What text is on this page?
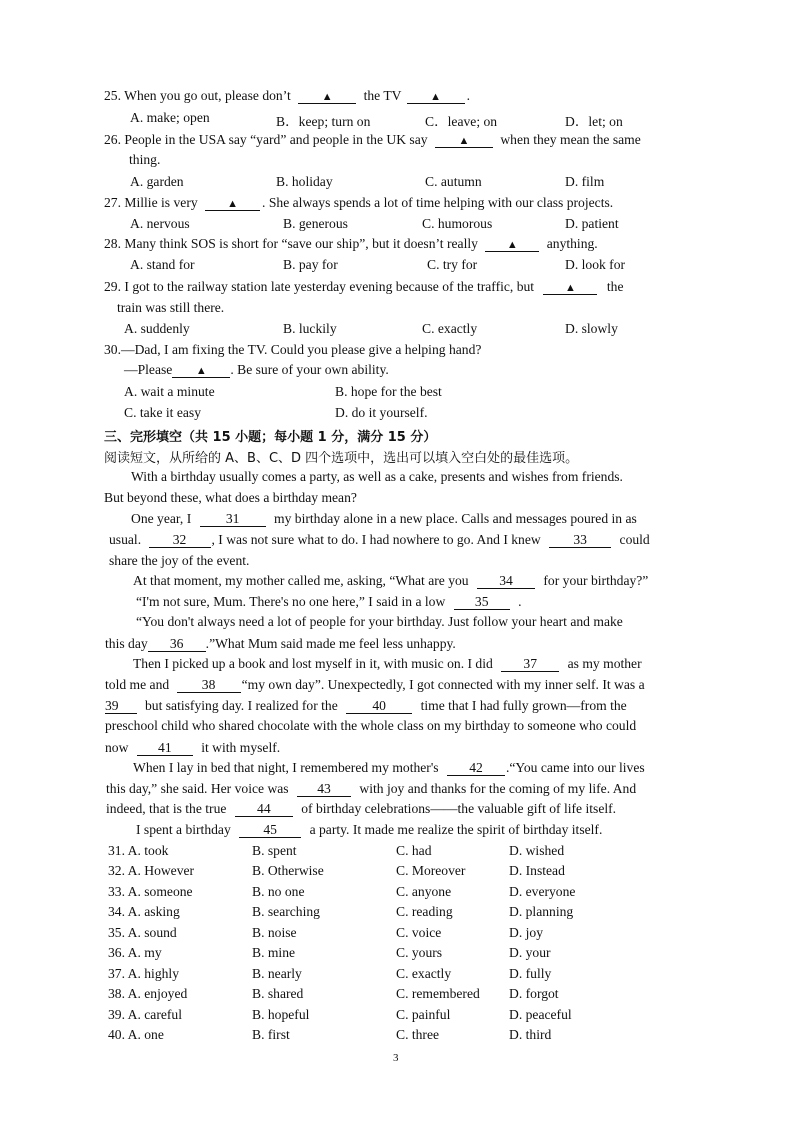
25. When you go out, please don’t	▲ the TV	▲ .
A. make; open	B．keep; turn on	C．leave; on	D．let; on
26. People in the USA say “yard” and people in the UK say	▲ when they mean the same
thing.
A. garden	B. holiday	C. autumn	D. film
27. Millie is very	▲ . She always spends a lot of time helping with our class projects.
A. nervous	B. generous	C. humorous	D. patient
28. Many think SOS is short for “save our ship”, but it doesn’t really	▲ anything.
A. stand for	B. pay for	C. try for	D. look for
29. I got to the railway station late yesterday evening because of the traffic, but	▲ the
train was still there.
A. suddenly	B. luckily	C. exactly	D. slowly
30.—Dad, I am fixing the TV. Could you please give a helping hand?
—Please ▲ . Be sure of your own ability.
A. wait a minute	B. hope for the best
C. take it easy	D. do it yourself.
三、完形填空（共 15 小题；每小题 1 分，满分 15 分）
阅读短文，从所给的 A、B、C、D 四个选项中，选出可以填入空白处的最佳选项。
With a birthday usually comes a party, as well as a cake, presents and wishes from friends.
But beyond these, what does a birthday mean?
One year, I	31	my birthday alone in a new place. Calls and messages poured in as
usual. 32 , I was not sure what to do. I had nowhere to go. And I knew 33 could
share the joy of the event.
At that moment, my mother called me, asking, “What are you 34 for your birthday?”
“I'm not sure, Mum. There's no one here,” I said in a low 35 .
“You don't always need a lot of people for your birthday. Just follow your heart and make
this day 36 .”What Mum said made me feel less unhappy.
Then I picked up a book and lost myself in it, with music on. I did 37 as my mother
told me and 38 “my own day”. Unexpectedly, I got connected with my inner self. It was a
39 but satisfying day. I realized for the	40	time that I had fully grown—from the
preschool child who shared chocolate with the whole class on my birthday to someone who could
now 41 it with myself.
When I lay in bed that night, I remembered my mother's 42 .“You came into our lives
this day,” she said. Her voice was 43 with joy and thanks for the coming of my life. And
indeed, that is the true 44 of birthday celebrations——the valuable gift of life itself.
I spent a birthday 45 a party. It made me realize the spirit of birthday itself.
31. A. took	B. spent	C. had	D. wished
32. A. However	B. Otherwise	C. Moreover	D. Instead
33. A. someone	B. no one	C. anyone	D. everyone
34. A. asking	B. searching	C. reading	D. planning
35. A. sound	B. noise	C. voice	D. joy
36. A. my	B. mine	C. yours	D. your
37. A. highly	B. nearly	C. exactly	D. fully
38. A. enjoyed	B. shared	C. remembered D. forgot
39. A. careful	B. hopeful	C. painful	D. peaceful
40. A. one	B. first	C. three	D. third
3
